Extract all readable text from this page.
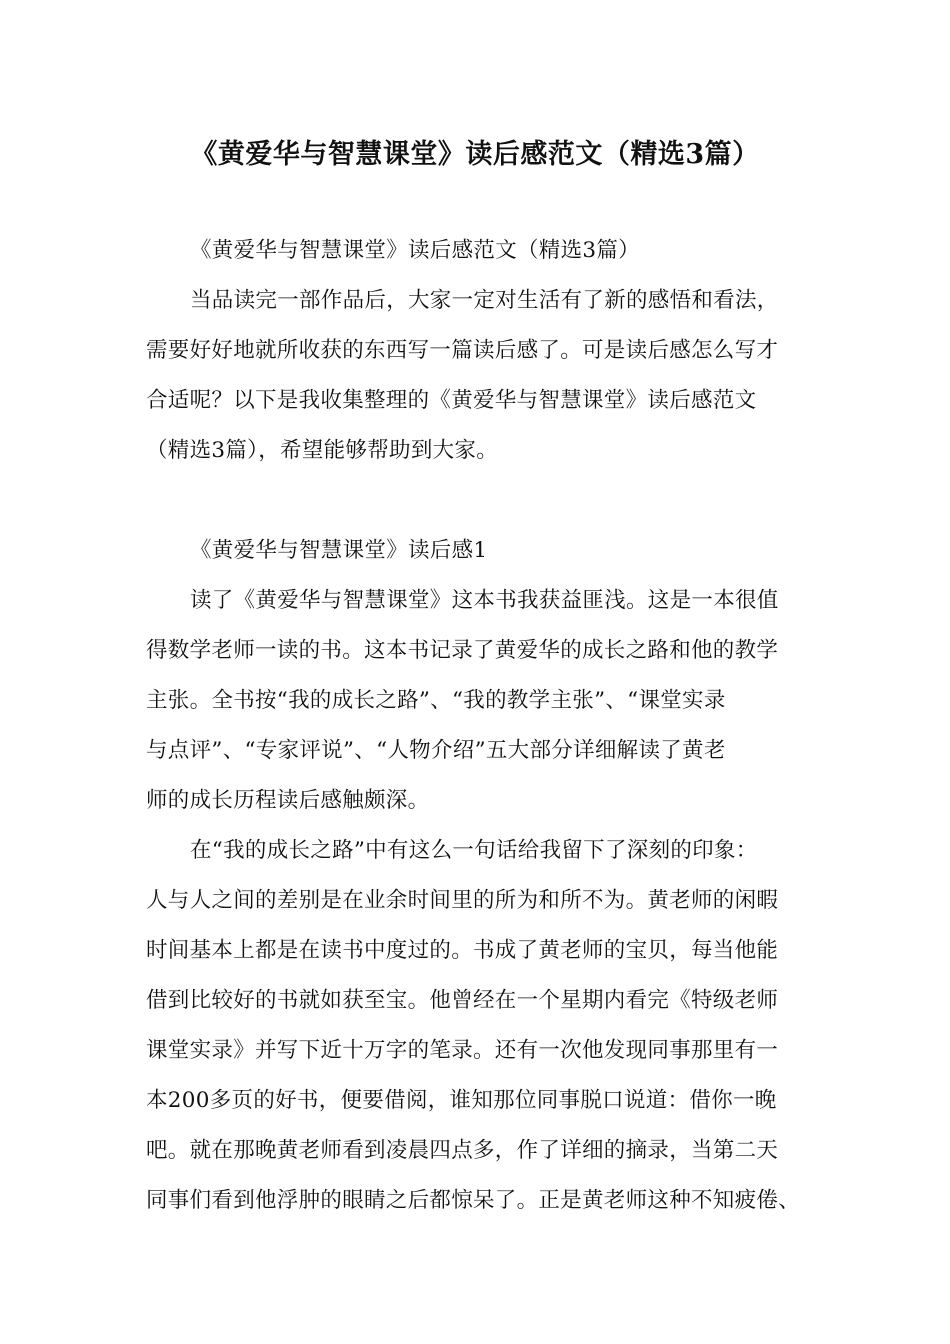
《黄爱华与智慧课堂》读后感范文（精选3篇）
《黄爱华与智慧课堂》读后感范文（精选3篇）
当品读完一部作品后，大家一定对生活有了新的感悟和看法，
需要好好地就所收获的东西写一篇读后感了。可是读后感怎么写才
合适呢？以下是我收集整理的《黄爱华与智慧课堂》读后感范文
（精选3篇），希望能够帮助到大家。
《黄爱华与智慧课堂》读后感1
读了《黄爱华与智慧课堂》这本书我获益匪浅。这是一本很值
得数学老师一读的书。这本书记录了黄爱华的成长之路和他的教学
主张。全书按“我的成长之路”、“我的教学主张”、“课堂实录
与点评”、“专家评说”、“人物介绍”五大部分详细解读了黄老
师的成长历程读后感触颇深。
在“我的成长之路”中有这么一句话给我留下了深刻的印象：
人与人之间的差别是在业余时间里的所为和所不为。黄老师的闲暇
时间基本上都是在读书中度过的。书成了黄老师的宝贝，每当他能
借到比较好的书就如获至宝。他曾经在一个星期内看完《特级老师
课堂实录》并写下近十万字的笔录。还有一次他发现同事那里有一
本200多页的好书，便要借阅，谁知那位同事脱口说道：借你一晚
吧。就在那晚黄老师看到凌晨四点多，作了详细的摘录，当第二天
同事们看到他浮肿的眼睛之后都惊呆了。正是黄老师这种不知疲倦、
